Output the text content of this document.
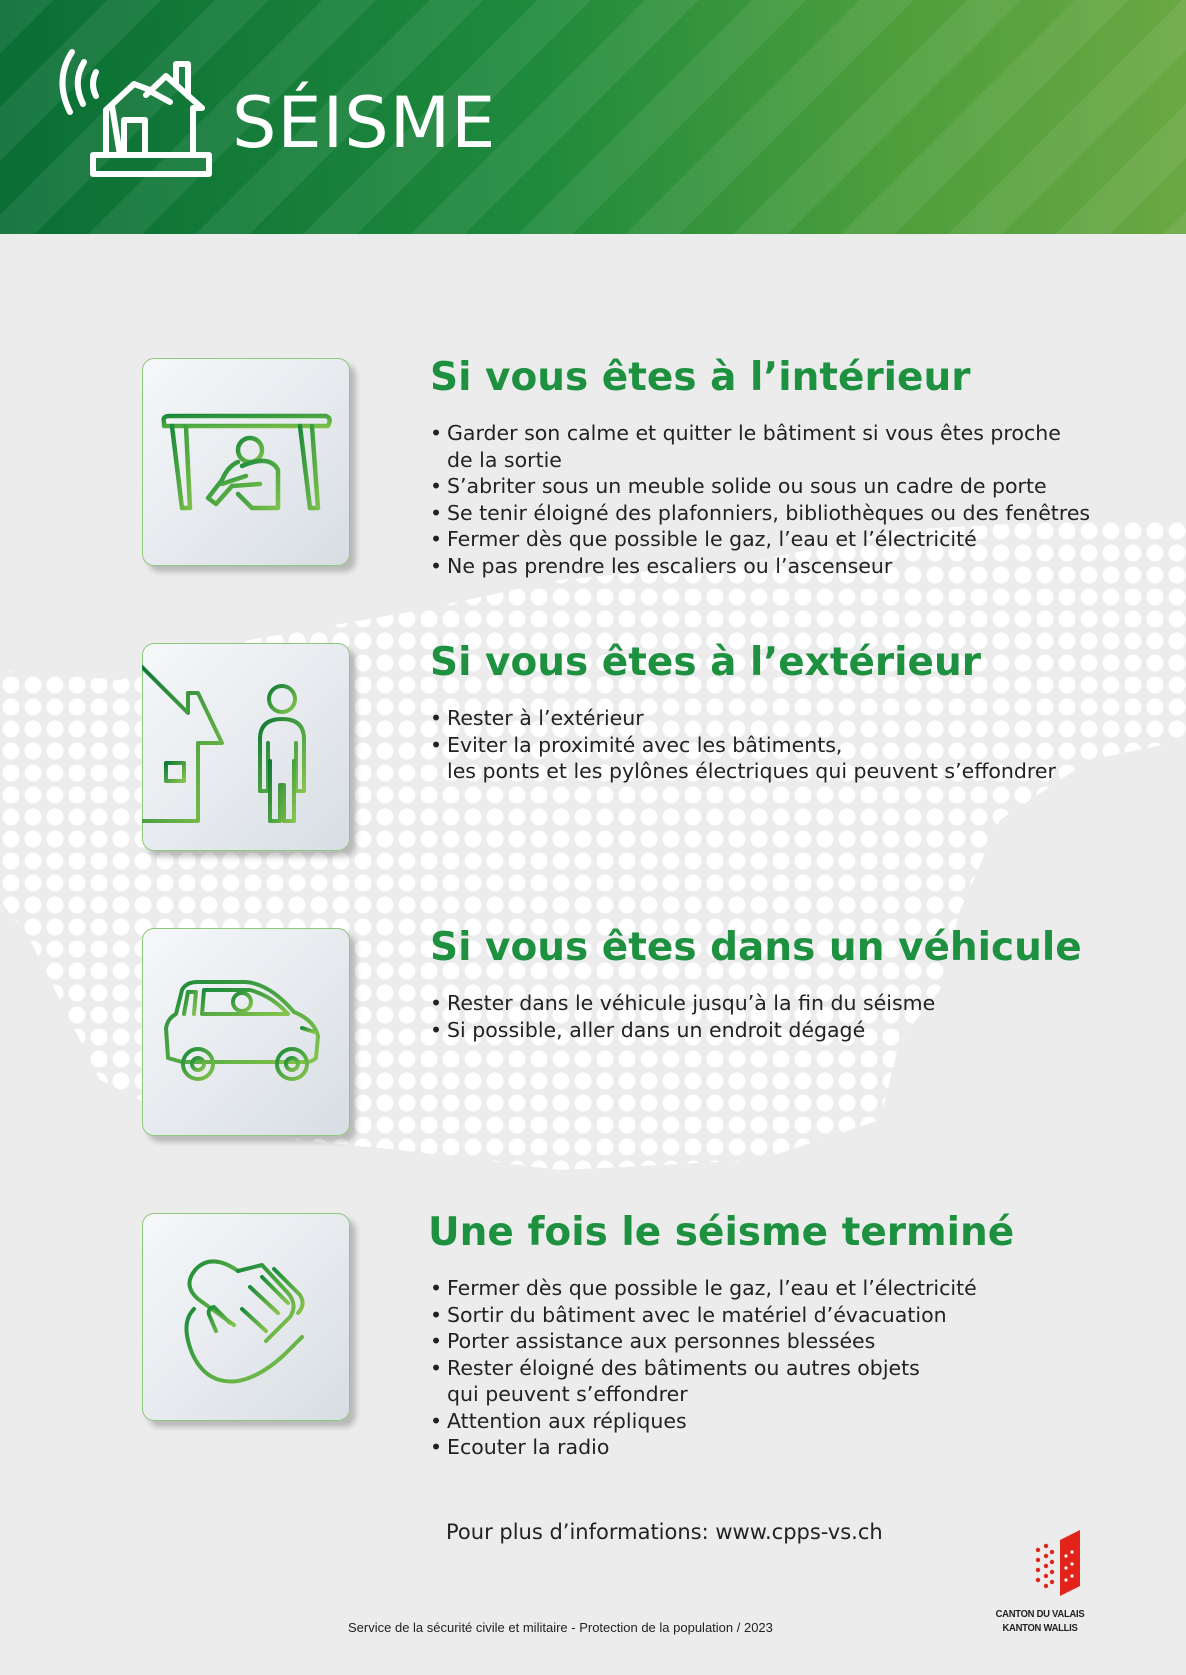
SÉISME
Si vous êtes à l’intérieur
• Garder son calme et quitter le bâtiment si vous êtes proche
de la sortie
• S’abriter sous un meuble solide ou sous un cadre de porte
• Se tenir éloigné des plafonniers, bibliothèques ou des fenêtres
• Fermer dès que possible le gaz, l’eau et l’électricité
• Ne pas prendre les escaliers ou l’ascenseur
Si vous êtes à l’extérieur
• Rester à l’extérieur
• Eviter la proximité avec les bâtiments,
les ponts et les pylônes électriques qui peuvent s’effondrer
Si vous êtes dans un véhicule
• Rester dans le véhicule jusqu’à la fin du séisme
• Si possible, aller dans un endroit dégagé
Une fois le séisme terminé
• Fermer dès que possible le gaz, l’eau et l’électricité
• Sortir du bâtiment avec le matériel d’évacuation
• Porter assistance aux personnes blessées
• Rester éloigné des bâtiments ou autres objets
qui peuvent s’effondrer
• Attention aux répliques
• Ecouter la radio
Pour plus d’informations: www.cpps-vs.ch
Service de la sécurité civile et militaire - Protection de la population / 2023
CANTON DU VALAIS
KANTON WALLIS
